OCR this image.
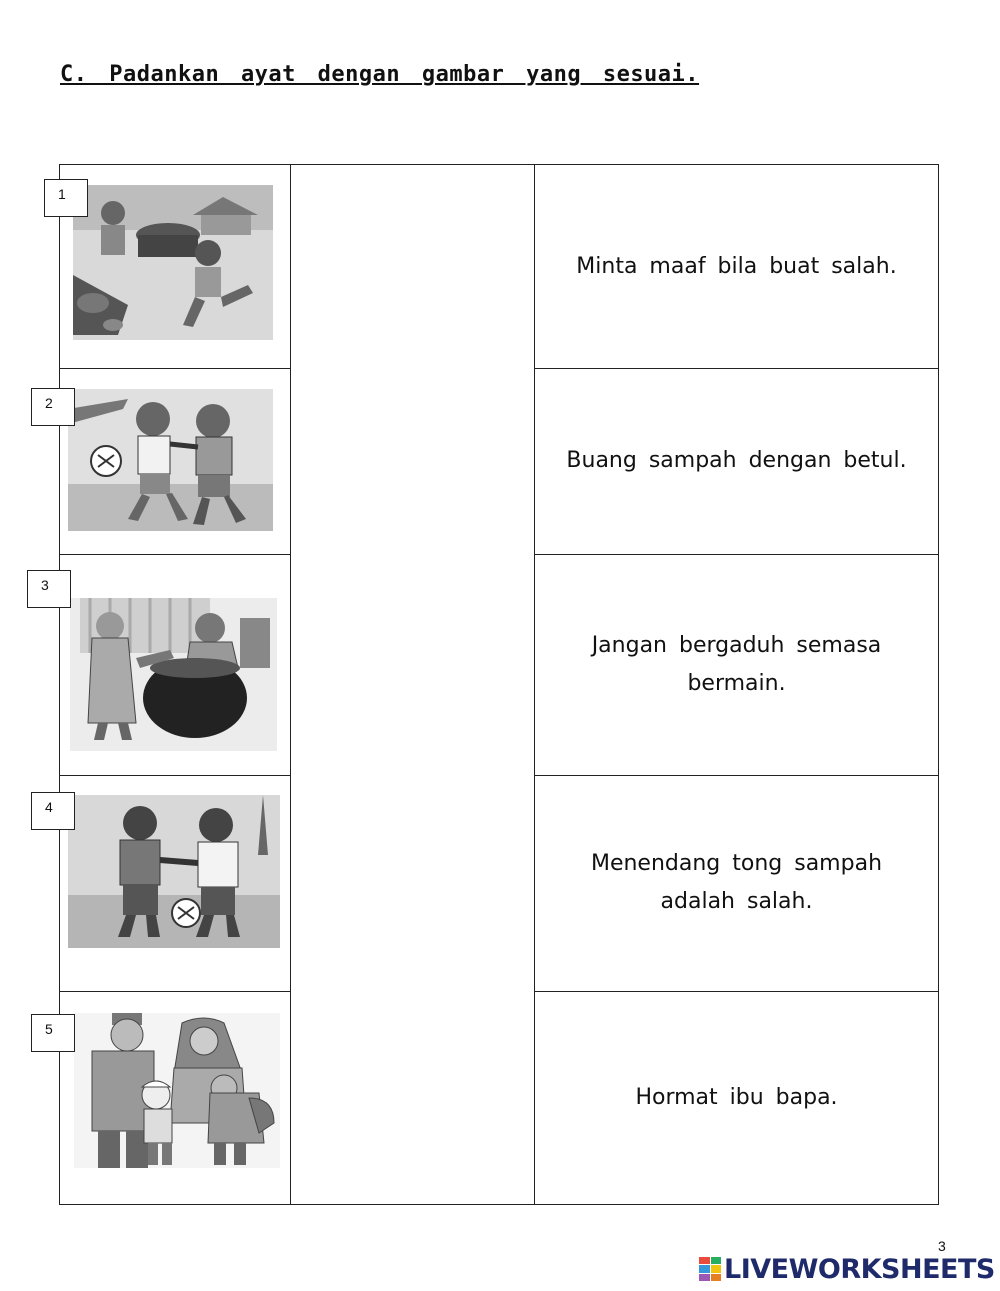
C. Padankan ayat dengan gambar yang sesuai.
1
2
3
4
5
Minta maaf bila buat salah.
Buang sampah dengan betul.
Jangan bergaduh semasa bermain.
Menendang tong sampah adalah salah.
Hormat ibu bapa.
3
LIVEWORKSHEETS
